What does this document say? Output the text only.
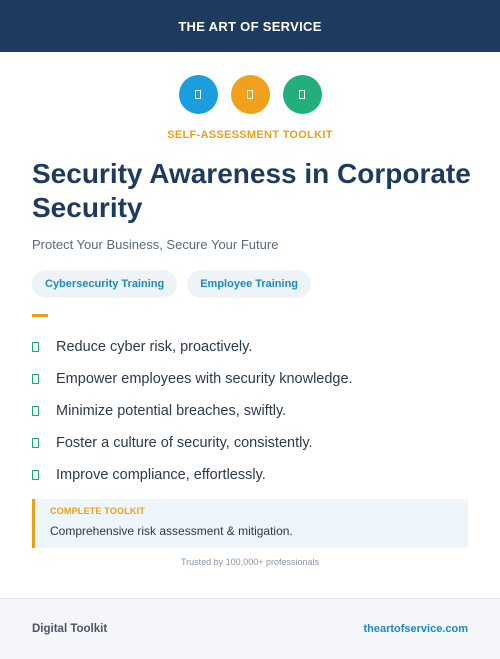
THE ART OF SERVICE
SELF-ASSESSMENT TOOLKIT
Security Awareness in Corporate Security
Protect Your Business, Secure Your Future
Cybersecurity Training	Employee Training
Reduce cyber risk, proactively.
Empower employees with security knowledge.
Minimize potential breaches, swiftly.
Foster a culture of security, consistently.
Improve compliance, effortlessly.
COMPLETE TOOLKIT
Comprehensive risk assessment & mitigation.
Trusted by 100,000+ professionals
Digital Toolkit	theartofservice.com
